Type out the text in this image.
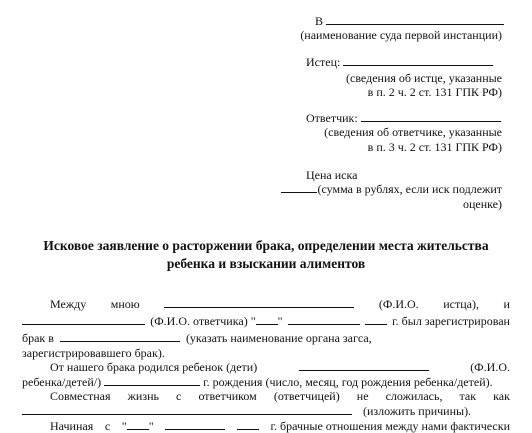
В
(наименование суда первой инстанции)
Истец:
(сведения об истце, указанные
в п. 2 ч. 2 ст. 131 ГПК РФ)
Ответчик:
(сведения об ответчике, указанные
в п. 3 ч. 2 ст. 131 ГПК РФ)
Цена иска
(сумма в рублях, если иск подлежит
оценке)
Исковое заявление о расторжении брака, определении места жительства
ребенка и взыскании алиментов
Между мною	(Ф.И.О. истца), и
(Ф.И.О. ответчика) " "	г. был зарегистрирован
брак в	(указать наименование органа загса,
зарегистрировавшего брак).
От нашего брака родился ребенок (дети)	(Ф.И.О.
ребенка/детей/)	г. рождения (число, месяц, год рождения ребенка/детей).
Совместная жизнь с ответчиком (ответчицей) не сложилась, так как
(изложить причины).
Начиная с " "	г. брачные отношения между нами фактически
